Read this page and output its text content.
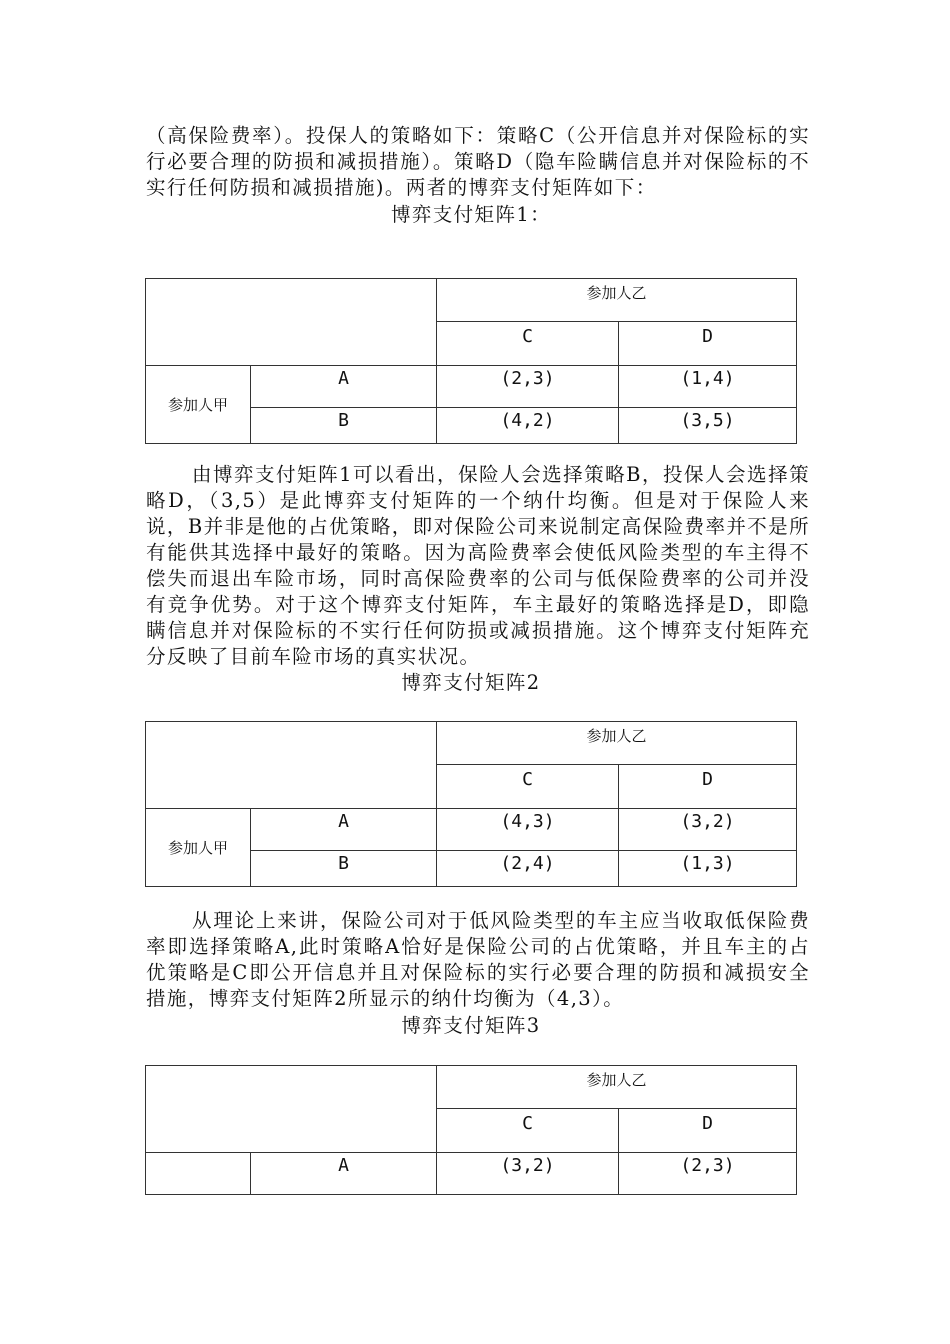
（高保险费率）。投保人的策略如下：策略C（公开信息并对保险标的实行必要合理的防损和减损措施）。策略D（隐车险瞒信息并对保险标的不实行任何防损和减损措施)。两者的博弈支付矩阵如下：

博弈支付矩阵1：
		参加人乙	
		C	D
参加人甲	A	(2,3)	(1,4)
	B	(4,2)	(3,5)

由博弈支付矩阵1可以看出，保险人会选择策略B，投保人会选择策略D，（3,5）是此博弈支付矩阵的一个纳什均衡。但是对于保险人来说，B并非是他的占优策略，即对保险公司来说制定高保险费率并不是所有能供其选择中最好的策略。因为高险费率会使低风险类型的车主得不偿失而退出车险市场，同时高保险费率的公司与低保险费率的公司并没有竞争优势。对于这个博弈支付矩阵，车主最好的策略选择是D，即隐瞒信息并对保险标的不实行任何防损或减损措施。这个博弈支付矩阵充分反映了目前车险市场的真实状况。

博弈支付矩阵2
		参加人乙	
		C	D
参加人甲	A	(4,3)	(3,2)
	B	(2,4)	(1,3)

从理论上来讲，保险公司对于低风险类型的车主应当收取低保险费率即选择策略A,此时策略A恰好是保险公司的占优策略，并且车主的占优策略是C即公开信息并且对保险标的实行必要合理的防损和减损安全措施，博弈支付矩阵2所显示的纳什均衡为（4,3）。

博弈支付矩阵3
		参加人乙	
		C	D
	A	(3,2)	(2,3)
